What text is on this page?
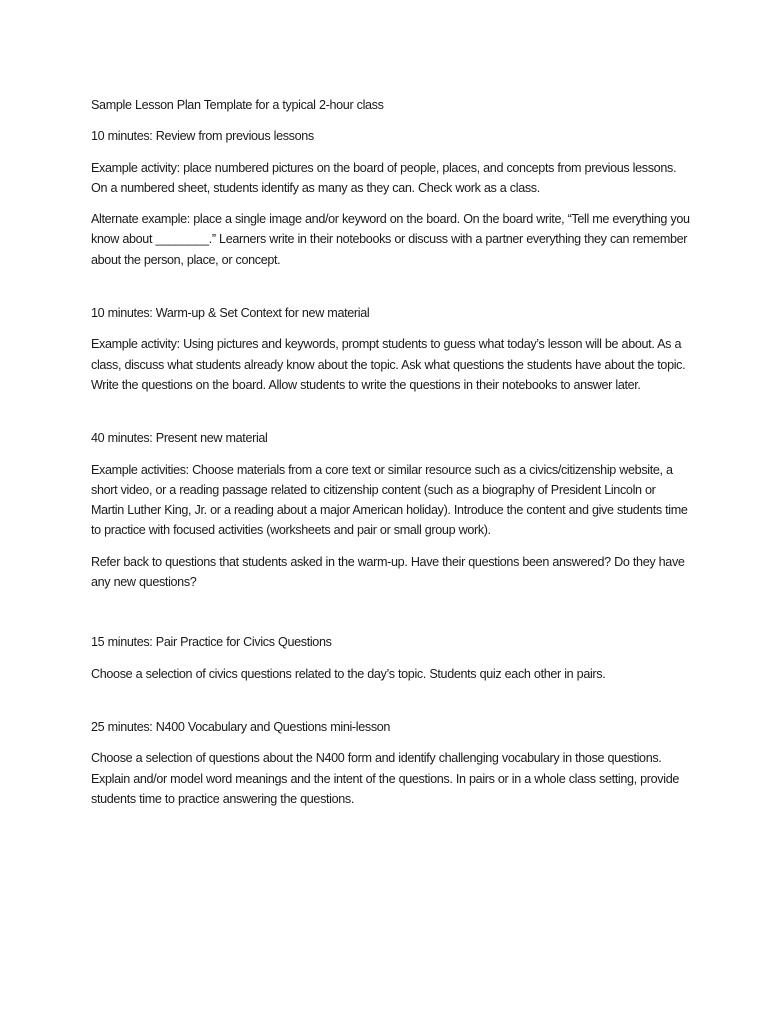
Sample Lesson Plan Template for a typical 2-hour class

10 minutes: Review from previous lessons

Example activity: place numbered pictures on the board of people, places, and concepts from previous lessons. On a numbered sheet, students identify as many as they can. Check work as a class.

Alternate example: place a single image and/or keyword on the board. On the board write, “Tell me everything you know about ________.” Learners write in their notebooks or discuss with a partner everything they can remember about the person, place, or concept.

10 minutes: Warm-up & Set Context for new material

Example activity: Using pictures and keywords, prompt students to guess what today’s lesson will be about. As a class, discuss what students already know about the topic. Ask what questions the students have about the topic. Write the questions on the board. Allow students to write the questions in their notebooks to answer later.

40 minutes: Present new material

Example activities: Choose materials from a core text or similar resource such as a civics/citizenship website, a short video, or a reading passage related to citizenship content (such as a biography of President Lincoln or Martin Luther King, Jr. or a reading about a major American holiday). Introduce the content and give students time to practice with focused activities (worksheets and pair or small group work).

Refer back to questions that students asked in the warm-up. Have their questions been answered? Do they have any new questions?

15 minutes: Pair Practice for Civics Questions

Choose a selection of civics questions related to the day’s topic. Students quiz each other in pairs.

25 minutes: N400 Vocabulary and Questions mini-lesson

Choose a selection of questions about the N400 form and identify challenging vocabulary in those questions. Explain and/or model word meanings and the intent of the questions. In pairs or in a whole class setting, provide students time to practice answering the questions.
